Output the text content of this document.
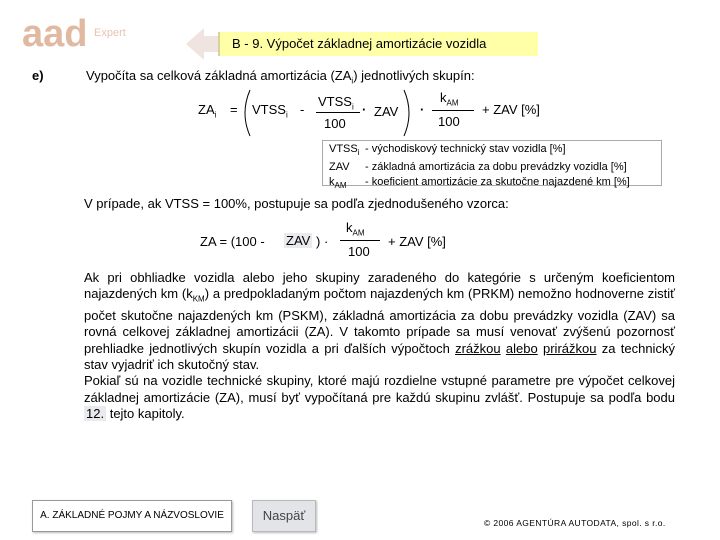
aad Expert
B - 9. Výpočet základnej amortizácie vozidla
e)	Vypočíta sa celková základná amortizácia $(ZA_i)$ jednotlivých skupín:
$ZA_i$ = $VTSS_i$ -
$VTSS_i$
100
· ZAV ·
$k_{AM}$
100
+ ZAV [%]
$VTSS_i$ - východiskový technický stav vozidla [%]
ZAV - základná amortizácia za dobu prevádzky vozidla [%]
$k_{AM}$ - koeficient amortizácie za skutočne najazdené km [%]
V prípade, ak VTSS = 100%, postupuje sa podľa zjednodušeného vzorca:
ZA = (100 - ZAV ) ·
$k_{AM}$
100
+ ZAV [%]
Ak pri obhliadke vozidla alebo jeho skupiny zaradeného do kategórie s určeným koeficientom najazdených km $(k_{KM})$ a predpokladaným počtom najazdených km (PRKM) nemožno hodnoverne zistiť počet skutočne najazdených km (PSKM), základná amortizácia za dobu prevádzky vozidla (ZAV) sa rovná celkovej základnej amortizácii (ZA). V takomto prípade sa musí venovať zvýšenú pozornosť prehliadke jednotlivých skupín vozidla a pri ďalších výpočtoch zrážkou alebo prirážkou za technický stav vyjadriť ich skutočný stav.
Pokiaľ sú na vozidle technické skupiny, ktoré majú rozdielne vstupné parametre pre výpočet celkovej základnej amortizácie (ZA), musí byť vypočítaná pre každú skupinu zvlášť. Postupuje sa podľa bodu 12. tejto kapitoly.
A. ZÁKLADNÉ POJMY A NÁZVOSLOVIE	Naspäť	© 2006 AGENTÚRA AUTODATA, spol. s r.o.
